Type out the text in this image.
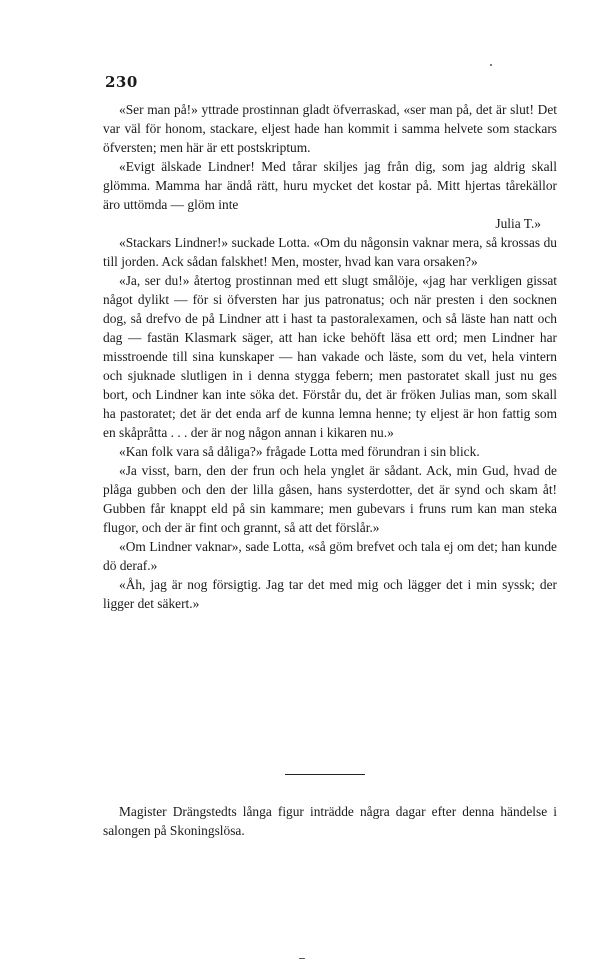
230

«Ser man på!» yttrade prostinnan gladt öfverraskad, «ser man på, det är slut! Det var väl för honom, stackare, eljest hade han kommit i samma helvete som stackars öfversten; men här är ett postskriptum.

«Evigt älskade Lindner! Med tårar skiljes jag från dig, som jag aldrig skall glömma. Mamma har ändå rätt, huru mycket det kostar på. Mitt hjertas tårekällor äro uttömda — glöm inte

Julia T.»

«Stackars Lindner!» suckade Lotta. «Om du någonsin vaknar mera, så krossas du till jorden. Ack sådan falskhet! Men, moster, hvad kan vara orsaken?»

«Ja, ser du!» återtog prostinnan med ett slugt smålöje, «jag har verkligen gissat något dylikt — för si öfversten har jus patronatus; och när presten i den socknen dog, så drefvo de på Lindner att i hast ta pastoralexamen, och så läste han natt och dag — fastän Klasmark säger, att han icke behöft läsa ett ord; men Lindner har misstroende till sina kunskaper — han vakade och läste, som du vet, hela vintern och sjuknade slutligen in i denna stygga febern; men pastoratet skall just nu ges bort, och Lindner kan inte söka det. Förstår du, det är fröken Julias man, som skall ha pastoratet; det är det enda arf de kunna lemna henne; ty eljest är hon fattig som en skåpråtta . . . der är nog någon annan i kikaren nu.»

«Kan folk vara så dåliga?» frågade Lotta med förundran i sin blick.

«Ja visst, barn, den der frun och hela ynglet är sådant. Ack, min Gud, hvad de plåga gubben och den der lilla gåsen, hans systerdotter, det är synd och skam åt! Gubben får knappt eld på sin kammare; men gubevars i fruns rum kan man steka flugor, och der är fint och grannt, så att det förslår.»

«Om Lindner vaknar», sade Lotta, «så göm brefvet och tala ej om det; han kunde dö deraf.»

«Åh, jag är nog försigtig. Jag tar det med mig och lägger det i min syssk; der ligger det säkert.»

Magister Drängstedts långa figur inträdde några dagar efter denna händelse i salongen på Skoningslösa.
